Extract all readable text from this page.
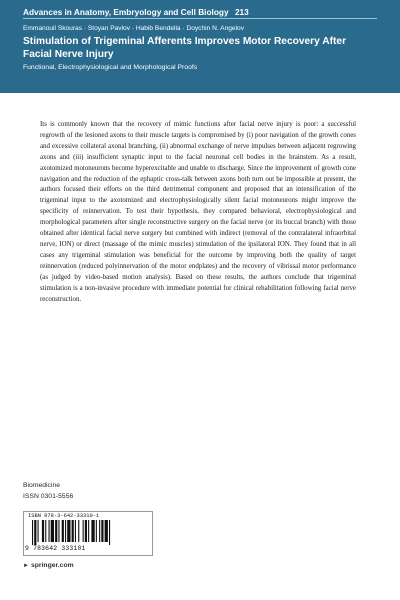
Advances in Anatomy, Embryology and Cell Biology 213
Emmanouil Skouras · Stoyan Pavlov · Habib Bendella · Doychin N. Angelov
Stimulation of Trigeminal Afferents Improves Motor Recovery After Facial Nerve Injury
Functional, Electrophysiological and Morphological Proofs

Its is commonly known that the recovery of mimic functions after facial nerve injury is poor: a successful regrowth of the lesioned axons to their muscle targets is compromised by (i) poor navigation of the growth cones and excessive collateral axonal branching, (ii) abnormal exchange of nerve impulses between adjacent regrowing axons and (iii) insufficient synaptic input to the facial neuronal cell bodies in the brainstem. As a result, axotomized motoneurons become hyperexcitable and unable to discharge. Since the improvement of growth cone navigation and the reduction of the ephaptic cross-talk between axons both turn out be impossible at present, the authors focused their efforts on the third detrimental component and proposed that an intensification of the trigeminal input to the axotomized and electrophysiologically silent facial motoneurons might improve the specificity of reinnervation. To test their hypothesis, they compared behavioral, electrophysiological and morphological parameters after single reconstructive surgery on the facial nerve (or its buccal branch) with those obtained after identical facial nerve surgery but combined with indirect (removal of the contralateral infraorbital nerve, ION) or direct (massage of the mimic muscles) stimulation of the ipsilateral ION. They found that in all cases any trigeminal stimulation was beneficial for the outcome by improving both the quality of target reinnervation (reduced polyinnervation of the motor endplates) and the recovery of vibrissal motor performance (as judged by video-based motion analysis). Based on these results, the authors conclude that trigeminal stimulation is a non-invasive procedure with immediate potential for clinical rehabilitation following facial nerve reconstruction.

Biomedicine
ISSN 0301-5556
ISBN 978-3-642-33310-1
9 783642 333101
► springer.com
